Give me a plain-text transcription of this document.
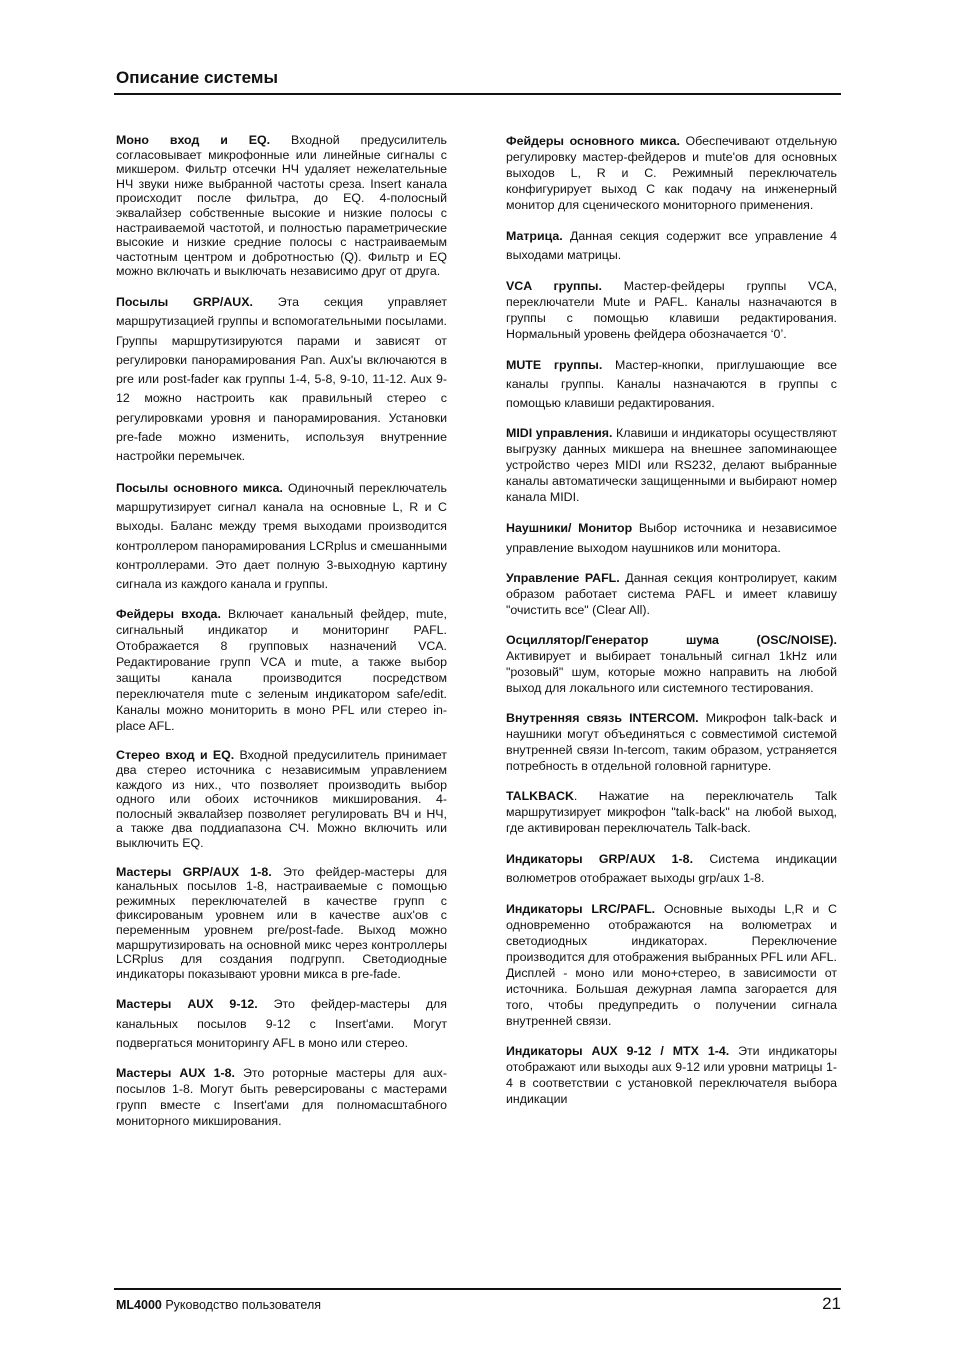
Описание системы

Моно вход и EQ. Входной предусилитель согласовывает микрофонные или линейные сигналы с микшером. Фильтр отсечки НЧ удаляет нежелательные НЧ звуки ниже выбранной частоты среза. Insert канала происходит после фильтра, до EQ. 4-полосный эквалайзер собственные высокие и низкие полосы с настраиваемой частотой, и полностью параметрические высокие и низкие средние полосы с настраиваемым частотным центром и добротностью (Q). Фильтр и EQ можно включать и выключать независимо друг от друга.

Посылы GRP/AUX. Эта секция управляет маршрутизацией группы и вспомогательными посылами. Группы маршрутизируются парами и зависят от регулировки панорамирования Pan. Aux'ы включаются в pre или post-fader как группы 1-4, 5-8, 9-10, 11-12. Aux 9-12 можно настроить как правильный стерео с регулировками уровня и панорамирования. Установки pre-fade можно изменить, используя внутренние настройки перемычек.

Посылы основного микса. Одиночный переключатель маршрутизирует сигнал канала на основные L, R и С выходы. Баланс между тремя выходами производится контроллером панорамирования LCRplus и смешанными контроллерами. Это дает полную 3-выходную картину сигнала из каждого канала и группы.

Фейдеры входа. Включает канальный фейдер, mute, сигнальный индикатор и мониторинг PAFL. Отображается 8 групповых назначений VCA. Редактирование групп VCA и mute, а также выбор защиты канала производится посредством переключателя mute с зеленым индикатором safe/edit. Каналы можно мониторить в моно PFL или стерео in-place AFL.

Стерео вход и EQ. Входной предусилитель принимает два стерео источника с независимым управлением каждого из них., что позволяет производить выбор одного или обоих источников микширования. 4-полосный эквалайзер позволяет регулировать ВЧ и НЧ, а также два поддиапазона СЧ. Можно включить или выключить EQ.

Мастеры GRP/AUX 1-8. Это фейдер-мастеры для канальных посылов 1-8, настраиваемые с помощью режимных переключателей в качестве групп с фиксированым уровнем или в качестве aux'ов с переменным уровнем pre/post-fade. Выход можно маршрутизировать на основной микс через контроллеры LCRplus для создания подгрупп. Светодиодные индикаторы показывают уровни микса в pre-fade.

Мастеры AUX 9-12. Это фейдер-мастеры для канальных посылов 9-12 с Insert'ами. Могут подвергаться мониторингу AFL в моно или стерео.

Мастеры AUX 1-8. Это роторные мастеры для aux-посылов 1-8. Могут быть реверсированы с мастерами групп вместе с Insert'ами для полномасштабного мониторного микширования.

Фейдеры основного микса. Обеспечивают отдельную регулировку мастер-фейдеров и mute'ов для основных выходов L, R и С. Режимный переключатель конфигурирует выход С как подачу на инженерный монитор для сценического мониторного применения.

Матрица. Данная секция содержит все управление 4 выходами матрицы.

VCA группы. Мастер-фейдеры группы VCA, переключатели Mute и PAFL. Каналы назначаются в группы с помощью клавиши редактирования. Нормальный уровень фейдера обозначается ‘0’.

MUTE группы. Мастер-кнопки, приглушающие все каналы группы. Каналы назначаются в группы с помощью клавиши редактирования.

MIDI управления. Клавиши и индикаторы осуществляют выгрузку данных микшера на внешнее запоминающее устройство через MIDI или RS232, делают выбранные каналы автоматически защищенными и выбирают номер канала MIDI.

Наушники/ Монитор Выбор источника и независимое управление выходом наушников или монитора.

Управление PAFL. Данная секция контролирует, каким образом работает система PAFL и имеет клавишу "очистить все" (Clear All).

Осциллятор/Генератор шума (OSC/NOISE). Активирует и выбирает тональный сигнал 1kHz или "розовый" шум, которые можно направить на любой выход для локального или системного тестирования.

Внутренняя связь INTERCOM. Микрофон talk-back и наушники могут объединяться с совместимой системой внутренней связи In-tercom, таким образом, устраняется потребность в отдельной головной гарнитуре.

TALKBACK. Нажатие на переключатель Talk маршрутизирует микрофон "talk-back" на любой выход, где активирован переключатель Talk-back.

Индикаторы GRP/AUX 1-8. Система индикации волюметров отображает выходы grp/aux 1-8.

Индикаторы LRC/PAFL. Основные выходы L,R и С одновременно отображаются на волюметрах и светодиодных индикаторах. Переключение производится для отображения выбранных PFL или AFL. Дисплей - моно или моно+стерео, в зависимости от источника. Большая дежурная лампа загорается для того, чтобы предупредить о получении сигнала внутренней связи.

Индикаторы AUX 9-12 / MTX 1-4. Эти индикаторы отображают или выходы aux 9-12 или уровни матрицы 1-4 в соответствии с установкой переключателя выбора индикации

ML4000 Руководство пользователя	21
